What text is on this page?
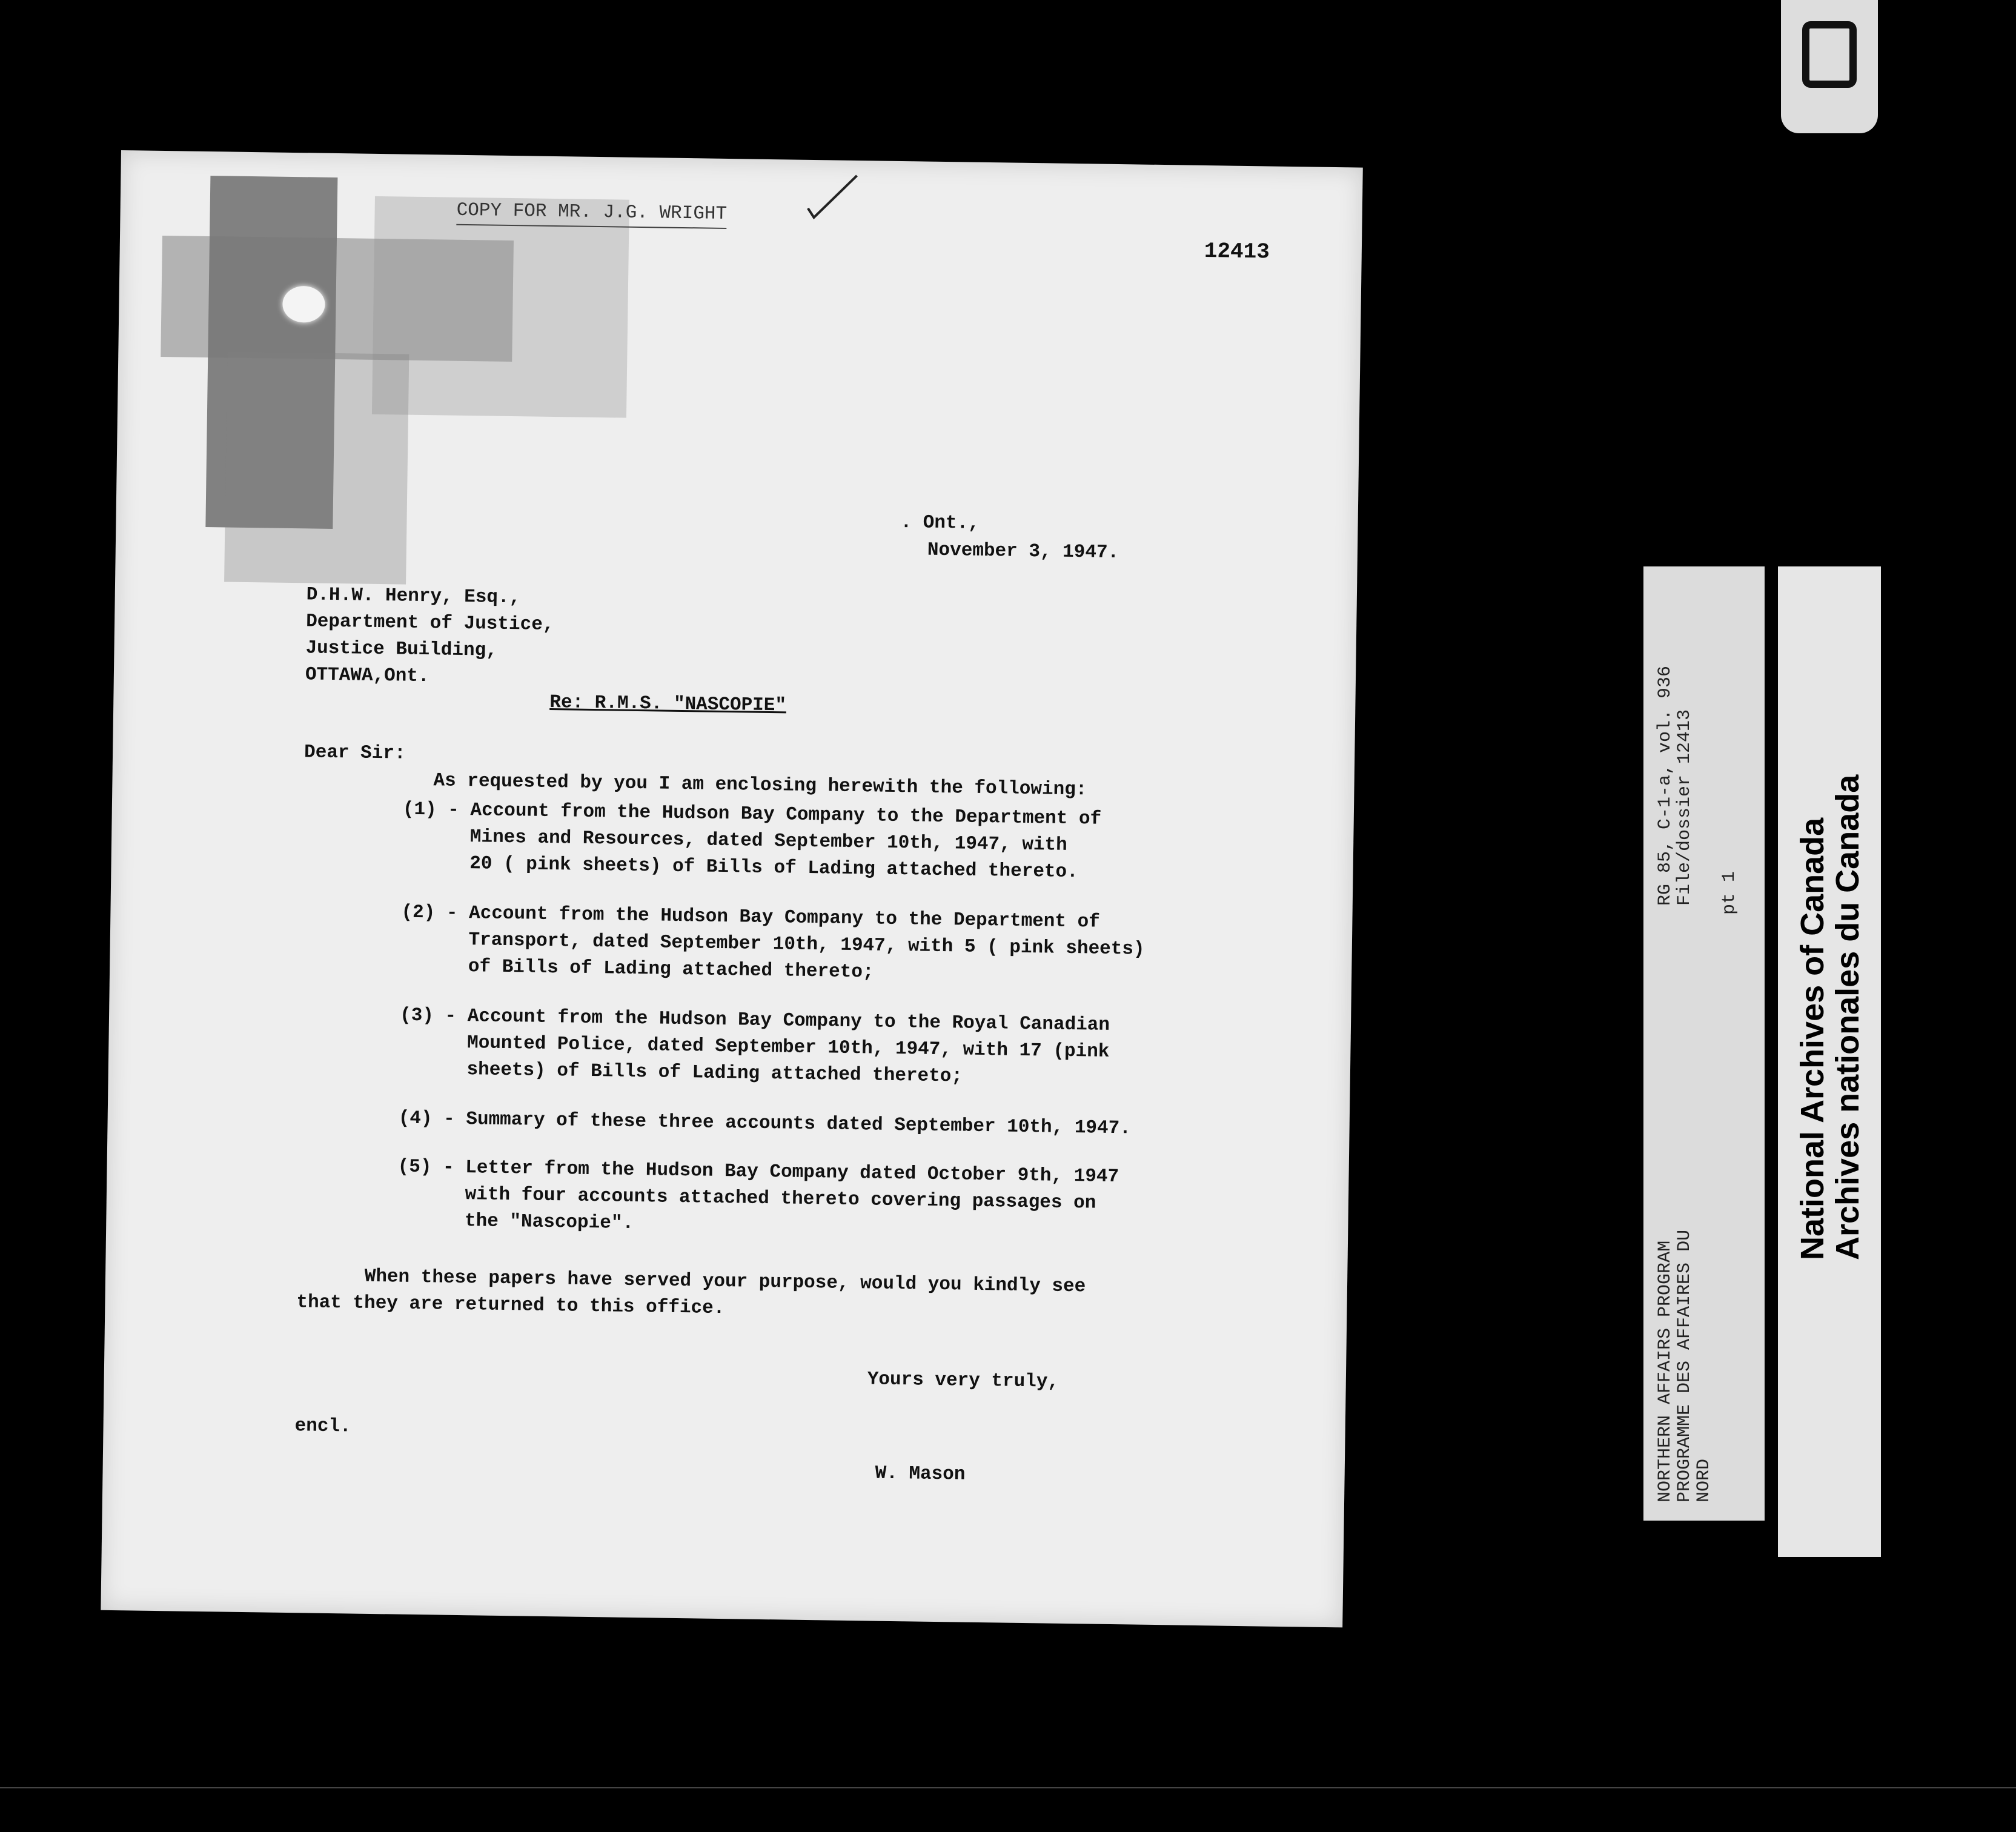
COPY FOR MR. J.G. WRIGHT
12413
. Ont.,
November 3, 1947.
D.H.W. Henry, Esq.,
Department of Justice,
Justice Building,
OTTAWA,Ont.
Re: R.M.S. "NASCOPIE"
Dear Sir:
As requested by you I am enclosing herewith the following:
(1) - Account from the Hudson Bay Company to the Department of
Mines and Resources, dated September 10th, 1947, with
20 ( pink sheets) of Bills of Lading attached thereto.
(2) - Account from the Hudson Bay Company to the Department of
Transport, dated September 10th, 1947, with 5 ( pink sheets)
of Bills of Lading attached thereto;
(3) - Account from the Hudson Bay Company to the Royal Canadian
Mounted Police, dated September 10th, 1947, with 17 (pink
sheets) of Bills of Lading attached thereto;
(4) - Summary of these three accounts dated September 10th, 1947.
(5) - Letter from the Hudson Bay Company dated October 9th, 1947
with four accounts attached thereto covering passages on
the "Nascopie".
When these papers have served your purpose, would you kindly see
that they are returned to this office.
Yours very truly,
encl.
W. Mason	NORTHERN AFFAIRS PROGRAM
PROGRAMME DES AFFAIRES DU
NORD
RG 85, C-1-a, vol. 936
File/dossier 12413 pt 1 National Archives of Canada
Archives nationales du Canada
